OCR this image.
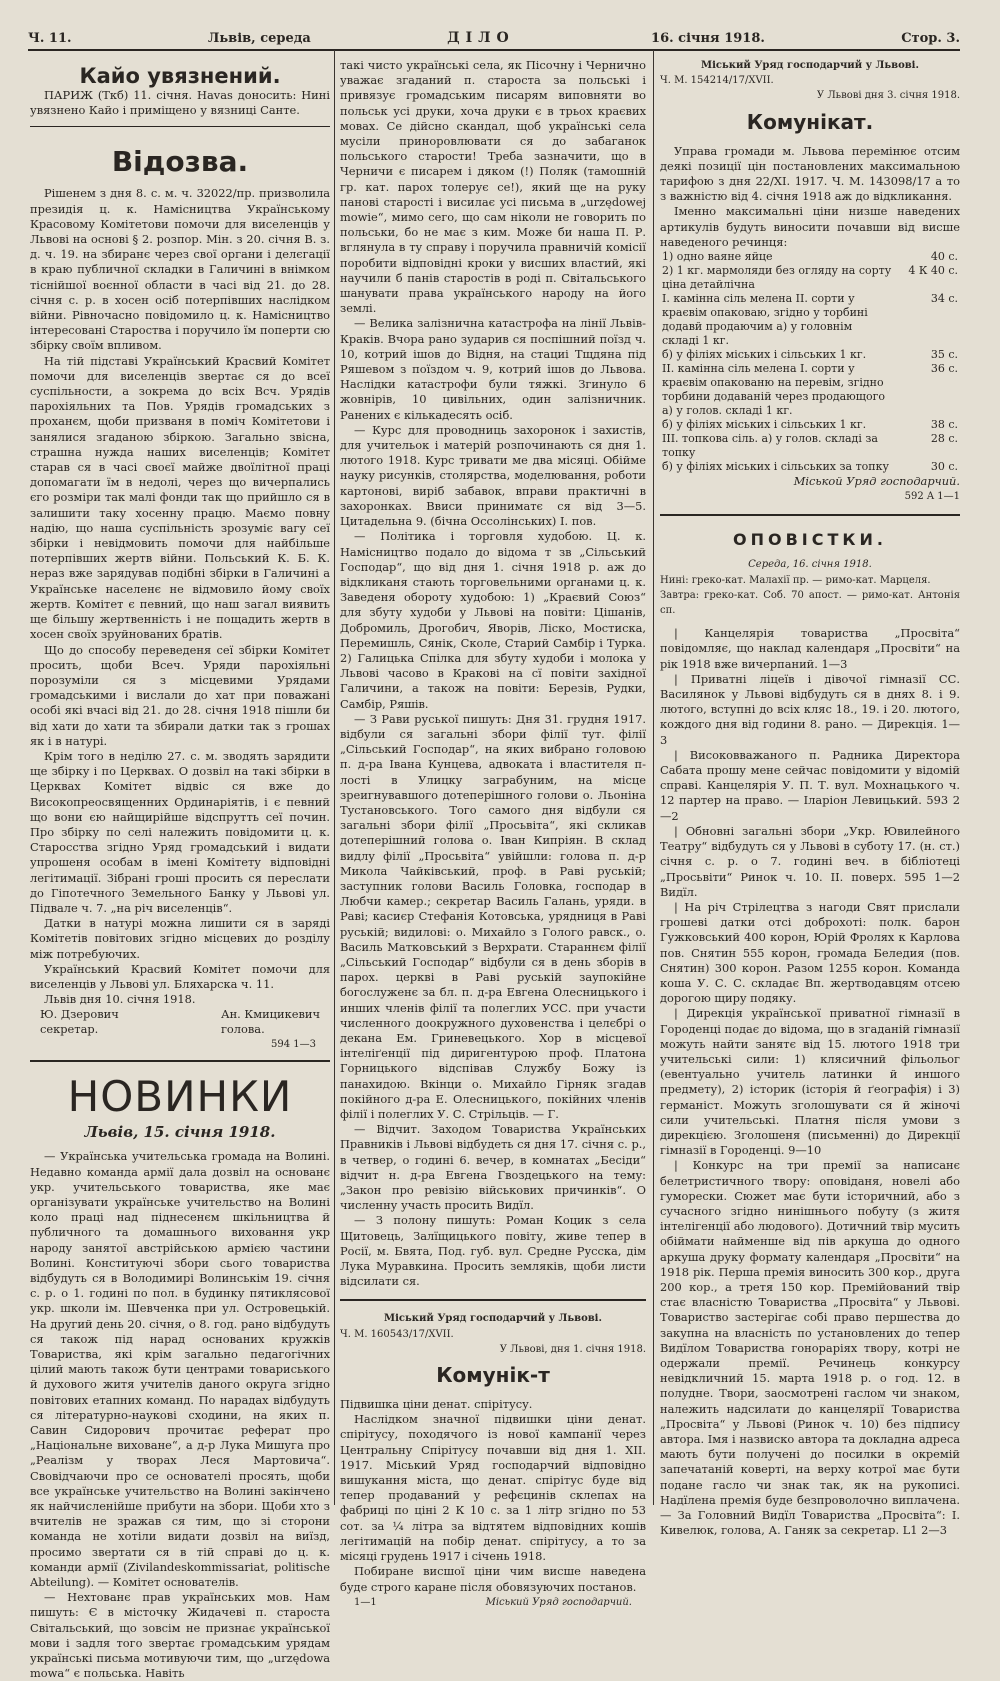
Ч. 11.	Львів, середа	ДІЛО	16. січня 1918.	Стор. 3.
Кайо увязнений.

ПАРИЖ (Ткб) 11. січня. Havas доносить: Нині увязнено Кайо і приміщено у вязниці Санте.

Відозва.

Рішенем з дня 8. с. м. ч. 32022/пр. призволила президія ц. к. Намісництва Українському Красовому Комітетови помочи для виселенців у Львові на основі § 2. розпор. Мін. з 20. січня В. з. д. ч. 19. на збиранє через свої органи і делєгації в краю публичної складки в Галичині в внімком тіснійшої воєнної области в часі від 21. до 28. січня с. р. в хосен осіб потерпівших наслідком війни. Рівночасно повідомило ц. к. Намісництво інтересовані Староства і поручило їм поперти сю збірку своїм впливом.

На тій підставі Український Красвий Комітет помочи для виселенців звертає ся до всеї суспільности, а зокрема до всіх Всч. Урядів парохіяльних та Пов. Урядів громадських з проханєм, щоби призваня в поміч Комітетови і занялися згаданою збіркою. Загально звісна, страшна нужда наших виселенців; Комітет старав ся в часі своєї майже двоїлітної праці допомагати їм в недолі, через що вичерпались єго розміри так малі фонди так що прийшло ся в залишити таку хосенну працю. Маємо повну надію, що наша суспільність зрозуміє вагу сеї збірки і невідмовить помочи для найбільше потерпівших жертв війни. Польський К. Б. К. нераз вже зарядував подібні збірки в Галичині а Українське населенє не відмовило йому своїх жертв. Комітет є певний, що наш загал виявить ще більшу жертвенність і не пощадить жертв в хосен своїх зруйнованих братів.

Що до способу переведеня сеї збірки Комітет просить, щоби Всеч. Уряди парохіяльні порозуміли ся з місцевими Урядами громадськими і вислали до хат при поважані особі які вчасі від 21. до 28. січня 1918 пішли би від хати до хати та збирали датки так з грошах як і в натурі.

Крім того в неділю 27. с. м. зводять зарядити ще збірку і по Церквах. О дозвіл на такі збірки в Церквах Комітет відвіс ся вже до Високопреосвященних Ординаріятів, і є певний що вони єю найщирійше відспрутть сеї почин. Про збірку по селі належить повідомити ц. к. Старосства згідно Уряд громадський і видати упрошеня особам в імені Комітету відповідні легітимації. Зібрані гроші просить ся переслати до Гіпотечного Земельного Банку у Львові ул. Підвале ч. 7. „на річ виселенців“.

Датки в натурі можна лишити ся в заряді Комітетів повітових згідно місцевих до розділу між потребуючих.

Український Красвий Комітет помочи для виселенців у Львові ул. Бляхарска ч. 11.

Львів дня 10. січня 1918.

Ю. Дзерович
секретар.
Ан. Кмицикевич
голова.
594 1—3
НОВИНКИ
Львів, 15. січня 1918.

— Українська учительська громада на Волині. Недавно команда армії дала дозвіл на основанє укр. учительського товариства, яке має організувати українське учительство на Волині коло праці над піднесенєм шкільництва й публичного та домашнього виховання укр народу занятої австрійською армією частини Волині. Конституючі збори сього товариства відбудуть ся в Володимирі Волинськім 19. січня с. р. о 1. годині по пол. в будинку пятиклясової укр. школи ім. Шевченка при ул. Островецькій. На другий день 20. січня, о 8. год. рано відбудуть ся також під нарад основаних кружків Товариства, які крім загально педагогічних цілий мають також бути центрами товариського й духового житя учителів даного округа згідно повітових етапних команд. По нарадах відбудуть ся літературно-наукові сходини, на яких п. Савин Сидорович прочитає реферат про „Національне виховане“, а д-р Лука Мишуга про „Реалізм у творах Леся Мартовича“. Свовідчаючи про се основателі просять, щоби все українське учительство на Волині закінчено як найчисленійше прибути на збори. Щоби хто з вчителів не зражав ся тим, що зі сторони команда не хотіли видати дозвіл на виїзд, просимо звертати ся в тій справі до ц. к. команди армії (Zivilandeskommissariat, politische Abteilung). — Комітет основателів.

— Нехтованє прав українських мов. Нам пишуть: Є в місточку Жидачеві п. староста Світальський, що зовсім не признає української мови і задля того звертає громадським урядам українські письма мотивуючи тим, що „urzędowa mowa“ є польська. Навіть

такі чисто українські села, як Пісочну і Чернично уважає згаданий п. староста за польські і привязує громадським писарям виповняти во польськ усі друки, хоча друки є в трьох краєвих мовах. Се дійсно скандал, щоб українські села мусіли приноровлювати ся до забаганок польського старости! Треба зазначити, що в Черничи є писарем і дяком (!) Поляк (тамошній гр. кат. парох толерує се!), який ще на руку панові старості і висилає усі письма в „urzędowej mowie“, мимо сего, що сам ніколи не говорить по польськи, бо не має з ким. Може би наша П. Р. вглянула в ту справу і поручила правничій комісії поробити відповідні кроки у висших властий, які научили б панів старостів в роді п. Світальського шанувати права українського народу на його землі.

— Велика залізнична катастрофа на лінії Львів-Краків. Вчора рано зударив ся поспішний поїзд ч. 10, котрий ішов до Відня, на стациі Тщдяна під Ряшевом з поїздом ч. 9, котрий ішов до Львова. Наслідки катастрофи були тяжкі. Згинуло 6 жовнірів, 10 цивільних, один залізничник. Ранених є кількадесять осіб.

— Курс для проводниць захоронок і захистів, для учительок і матерій розпочинають ся дня 1. лютого 1918. Курс тривати ме два місяці. Обійме науку рисунків, столярства, моделювання, роботи картонові, виріб забавок, вправи практичні в захоронках. Ввиси приниматє ся від 3—5. Цитадельна 9. (бічна Оссолінських) І. пов.

— Політика і торговля худобою. Ц. к. Намісництво подало до відома т зв „Сільський Господар“, що від дня 1. січня 1918 р. аж до відкликаня стають торговельними органами ц. к. Заведеня обороту худобою: 1) „Краєвий Союз“ для збуту худоби у Львові на повіти: Цішанів, Добромиль, Дрогобич, Яворів, Ліско, Мостиска, Перемишль, Сянік, Сколе, Старий Самбір і Турка. 2) Галицька Спілка для збуту худоби і молока у Львові часово в Кракові на сї повіти західної Галичини, а також на повіти: Березів, Рудки, Самбір, Ряшів.

— З Рави руської пишуть: Дня 31. грудня 1917. відбули ся загальні збори філії тут. філії „Сільський Господар“, на яких вибрано головою п. д-ра Івана Кунцева, адвоката і властителя п-лості в Улицку заграбуним, на місце зреигнувавшого дотеперішного голови о. Льоніна Тустановського. Того самого дня відбули ся загальні збори філії „Просьвіта“, які скликав дотеперішний голова о. Іван Кипріян. В склад видлу філії „Просьвіта“ увійшли: голова п. д-р Микола Чайківський, проф. в Раві руській; заступник голови Василь Головка, господар в Любчи камер.; секретар Василь Галань, уряди. в Раві; касиєр Стефанія Котовська, урядниця в Раві руській; видилові: о. Михайло з Голого равск., о. Василь Матковський з Верхрати. Стараннєм філії „Сільський Господар“ відбули ся в день зборів в парох. церкві в Раві руській заупокійне богослуженє за бл. п. д-ра Евгена Олесницького і инших членів філії та полеглих УСС. при участи численного доокружного духовенства і целєбрі о декана Ем. Гриневецького. Хор в місцевої інтеліґенції під диригентурою проф. Платона Горницького відспівав Службу Божу із панахидою. Вкінци о. Михайло Гірняк згадав покійного д-ра Е. Олесницького, покійних членів філії і полеглих У. С. Стрільців. — Г.

— Відчит. Заходом Товариства Українських Правників і Львові відбудеть ся дня 17. січня с. р., в четвер, о годині 6. вечер, в комнатах „Бесіди“ відчит н. д-ра Евгена Гвоздецького на тему: „Закон про ревізію військових причинків“. О численну участь просить Видїл.

— З полону пишуть: Роман Коцик з села Щитовець, Залїщицького повіту, живе тепер в Росії, м. Бвята, Под. губ. вул. Средне Русска, дім Лука Муравкина. Просить земляків, щоби листи відсилати ся.

Міський Уряд господарчий у Львові.

Ч. М. 160543/17/XVII.

У Львові, дня 1. січня 1918.

Комунік-т

Підвишка ціни денат. спірітусу.

Наслідком значної підвишки ціни денат. спірітусу, походячого із нової кампанії через Центральну Спірітусу почавши від дня 1. XII. 1917. Міський Уряд господарчий відповідно вишукання міста, що денат. спірітус буде від тепер продаваний у рефєцинів склепах на фабриці по ціні 2 К 10 с. за 1 літр згідно по 53 сот. за ¼ літра за відтятем відповідних кошів легітимацій на побір денат. спірітусу, а то за місяці грудень 1917 і січень 1918.

Побиране висшої ціни чим висше наведена буде строго каране після обовязуючих постанов.

1—1	Міський Уряд господарчий.

Міський Уряд господарчий у Львові.

Ч. М. 154214/17/XVII.

У Львові дня 3. січня 1918.

Комунікат.

Управа громади м. Львова перемінює отсим деякі позиції цін постановлених максимальною тарифою з дня 22/XI. 1917. Ч. М. 143098/17 а то з важністю від 4. січня 1918 аж до відкликання.

Іменно максимальні ціни низше наведених артикулів будуть виносити почавши від висше наведеного речинця:

1) одно ваяне яйце	40 с.
2) 1 кг. мармоляди без огляду на сорту ціна детайлічна	4 К 40 с.
І. камінна сіль мелена II. сорти у краєвім опаковаю, згідно у торбині додавй продаючим а) у головнім складі 1 кг.	34 с.
б) у філіях міських і сільських 1 кг.	35 с.
II. камінна сіль мелена I. сорти у краєвім опакованю на перевім, згідно торбини додаваній через продающого а) у голов. складі 1 кг.	36 с.
б) у філіях міських і сільських 1 кг.	38 с.
III. топкова сіль. а) у голов. складі за топку	28 с.
б) у філіях міських і сільських за топку	30 с.

Міськой Уряд господарчий.

592 A 1—1

ОПОВІСТКИ.

Середа, 16. січня 1918.

Нині: греко-кат. Малахії пр. — римо-кат. Марцеля.

Завтра: греко-кат. Соб. 70 апост. — римо-кат. Антонія сп.

| Канцелярія товариства „Просвіта“ повідомляє, що наклад календаря „Просвіти“ на рік 1918 вже вичерпаний. 1—3

| Приватні ліцеїв і дівочої гімназії СС. Василянок у Львові відбудуть ся в днях 8. і 9. лютого, вступні до всіх кляс 18., 19. і 20. лютого, кождого дня від години 8. рано. — Дирекція. 1—3

| Високовважаного п. Радника Директора Сабата прошу мене сейчас повідомити у відомій справі. Канцелярія У. П. Т. вул. Мохнацького ч. 12 партер на право. — Іларіон Левицький. 593 2—2

| Обновні загальні збори „Укр. Ювилейного Театру“ відбудуть ся у Львові в суботу 17. (н. ст.) січня с. р. о 7. годині веч. в бібліотеці „Просьвіти“ Ринок ч. 10. II. поверх. 595 1—2 Видїл.

| На річ Стрілецтва з нагоди Свят прислали грошеві датки отсі доброхоті: полк. барон Гужковський 400 корон, Юрій Фролях к Карлова пов. Снятин 555 корон, громада Беледия (пов. Снятин) 300 корон. Разом 1255 корон. Команда коша У. С. С. складає Вп. жертводавцям отсею дорогою щиру подяку.

| Дирекція української приватної гімназії в Городенці подає до відома, що в згаданій гімназії можуть найти занятє від 15. лютого 1918 три учительські сили: 1) клясичний фільольог (евентуально учитель латинки й иншого предмету), 2) історик (історія й ґеографія) і 3) германіст. Можуть зголошувати ся й жіночі сили учительські. Платня після умови з дирекцією. Зголошеня (письменні) до Дирекції гімназії в Городенці. 9—10

| Конкурс на три премії за написанє белетристичного твору: оповіданя, новелі або гуморески. Сюжет має бути історичний, або з сучасного згідно нинішнього побуту (з житя інтелігенції або людового). Дотичний твір мусить обіймати найменше від пів аркуша до одного аркуша друку формату календаря „Просвіти“ на 1918 рік. Перша премія виносить 300 кор., друга 200 кор., а третя 150 кор. Премійований твір стає власністю Товариства „Просвіта“ у Львові. Товариство застерігає собі право першества до закупна на власність по установлених до тепер Видїлом Товариства гонораріях твору, котрі не одержали премії. Речинець конкурсу невідкличний 15. марта 1918 р. о год. 12. в полудне. Твори, заосмотрені гаслом чи знаком, належить надсилати до канцелярії Товариства „Просвіта“ у Львові (Ринок ч. 10) без підпису автора. Імя і назвиско автора та докладна адреса мають бути получені до посилки в окремій запечатаній коверті, на верху котрої має бути подане гасло чи знак так, як на рукописі. Надїлена премія буде безпроволочно виплачена. — За Головний Видїл Товариства „Просвіта“: І. Кивелюк, голова, А. Ганяк за секретар. L1 2—3
